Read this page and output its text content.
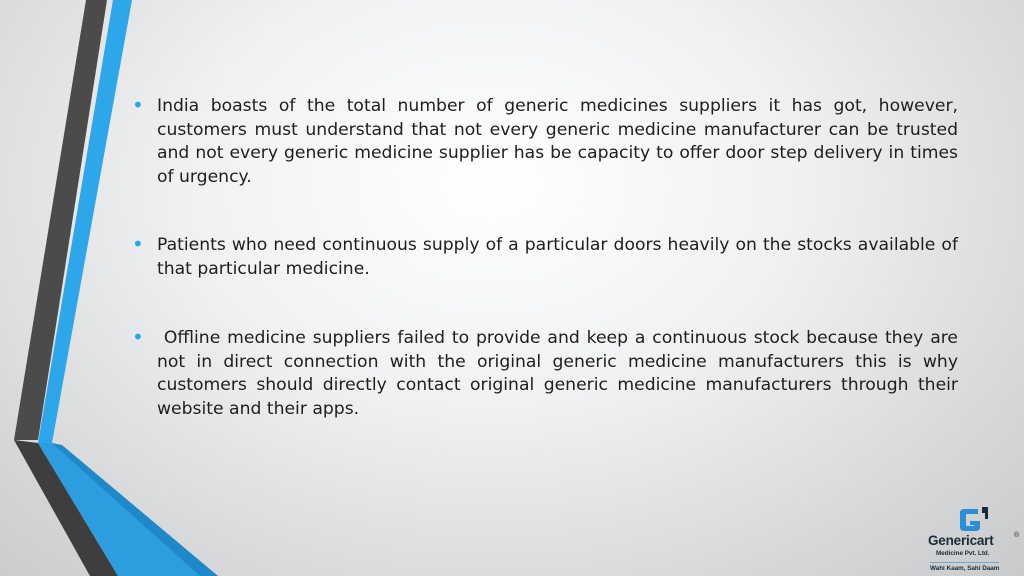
• India boasts of the total number of generic medicines suppliers it has got, however, customers must understand that not every generic medicine manufacturer can be trusted and not every generic medicine supplier has be capacity to offer door step delivery in times of urgency.
• Patients who need continuous supply of a particular doors heavily on the stocks available of that particular medicine.
• Offline medicine suppliers failed to provide and keep a continuous stock because they are not in direct connection with the original generic medicine manufacturers this is why customers should directly contact original generic medicine manufacturers through their website and their apps.
Genericart	®
Medicine Pvt. Ltd.
Wahi Kaam, Sahi Daam
